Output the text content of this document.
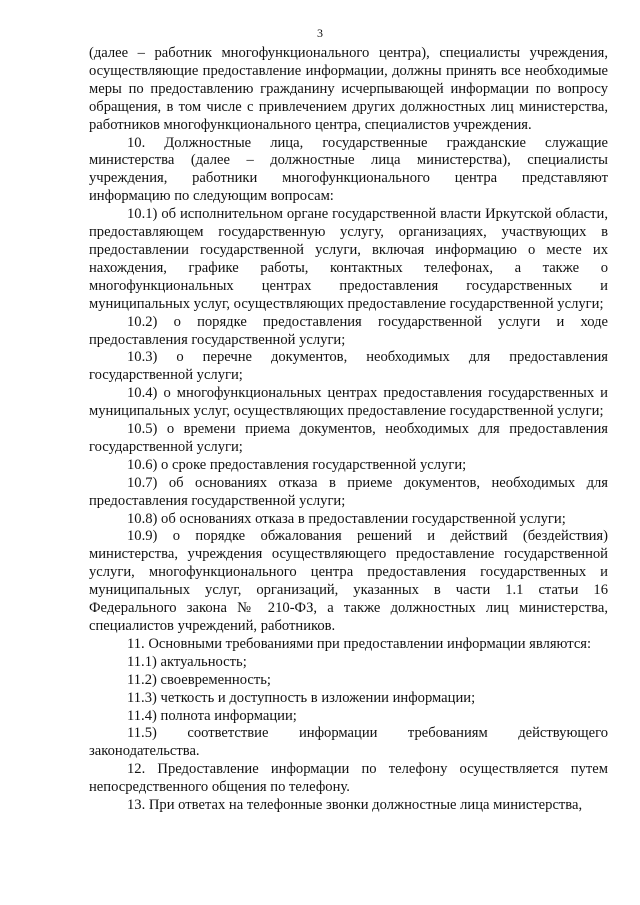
3

(далее – работник многофункционального центра), специалисты учреждения, осуществляющие предоставление информации, должны принять все необходимые меры по предоставлению гражданину исчерпывающей информации по вопросу обращения, в том числе с привлечением других должностных лиц министерства, работников многофункционального центра, специалистов учреждения.

10. Должностные лица, государственные гражданские служащие министерства (далее – должностные лица министерства), специалисты учреждения, работники многофункционального центра представляют информацию по следующим вопросам:

10.1) об исполнительном органе государственной власти Иркутской области, предоставляющем государственную услугу, организациях, участвующих в предоставлении государственной услуги, включая информацию о месте их нахождения, графике работы, контактных телефонах, а также о многофункциональных центрах предоставления государственных и муниципальных услуг, осуществляющих предоставление государственной услуги;

10.2) о порядке предоставления государственной услуги и ходе предоставления государственной услуги;

10.3) о перечне документов, необходимых для предоставления государственной услуги;

10.4) о многофункциональных центрах предоставления государственных и муниципальных услуг, осуществляющих предоставление государственной услуги;

10.5) о времени приема документов, необходимых для предоставления государственной услуги;

10.6) о сроке предоставления государственной услуги;

10.7) об основаниях отказа в приеме документов, необходимых для предоставления государственной услуги;

10.8) об основаниях отказа в предоставлении государственной услуги;

10.9) о порядке обжалования решений и действий (бездействия) министерства, учреждения осуществляющего предоставление государственной услуги, многофункционального центра предоставления государственных и муниципальных услуг, организаций, указанных в части 1.1 статьи 16 Федерального закона № 210-ФЗ, а также должностных лиц министерства, специалистов учреждений, работников.

11. Основными требованиями при предоставлении информации являются:

11.1) актуальность;

11.2) своевременность;

11.3) четкость и доступность в изложении информации;

11.4) полнота информации;

11.5) соответствие информации требованиям действующего законодательства.

12. Предоставление информации по телефону осуществляется путем непосредственного общения по телефону.

13. При ответах на телефонные звонки должностные лица министерства,
